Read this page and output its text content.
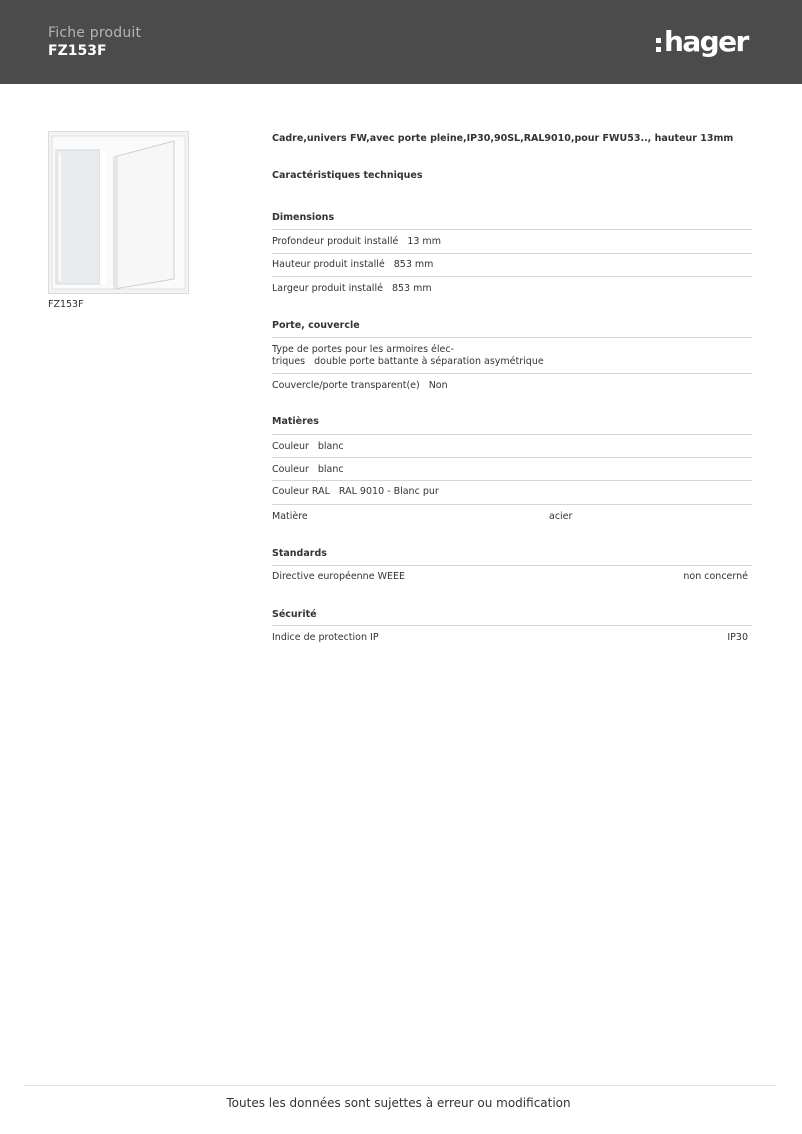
Fiche produit
FZ153F	hager
FZ153F
Cadre,univers FW,avec porte pleine,IP30,90SL,RAL9010,pour FWU53.., hauteur 13mm
Caractéristiques techniques
Dimensions
Profondeur produit installé 13 mm
Hauteur produit installé 853 mm
Largeur produit installé 853 mm
Porte, couvercle
Type de portes pour les armoires élec-
triques double porte battante à séparation asymétrique
Couvercle/porte transparent(e) Non
Matières
Couleur blanc
Couleur blanc
Couleur RAL RAL 9010 - Blanc pur
Matière	acier
Standards
Directive européenne WEEE	non concerné
Sécurité
Indice de protection IP	IP30
Toutes les données sont sujettes à erreur ou modification
